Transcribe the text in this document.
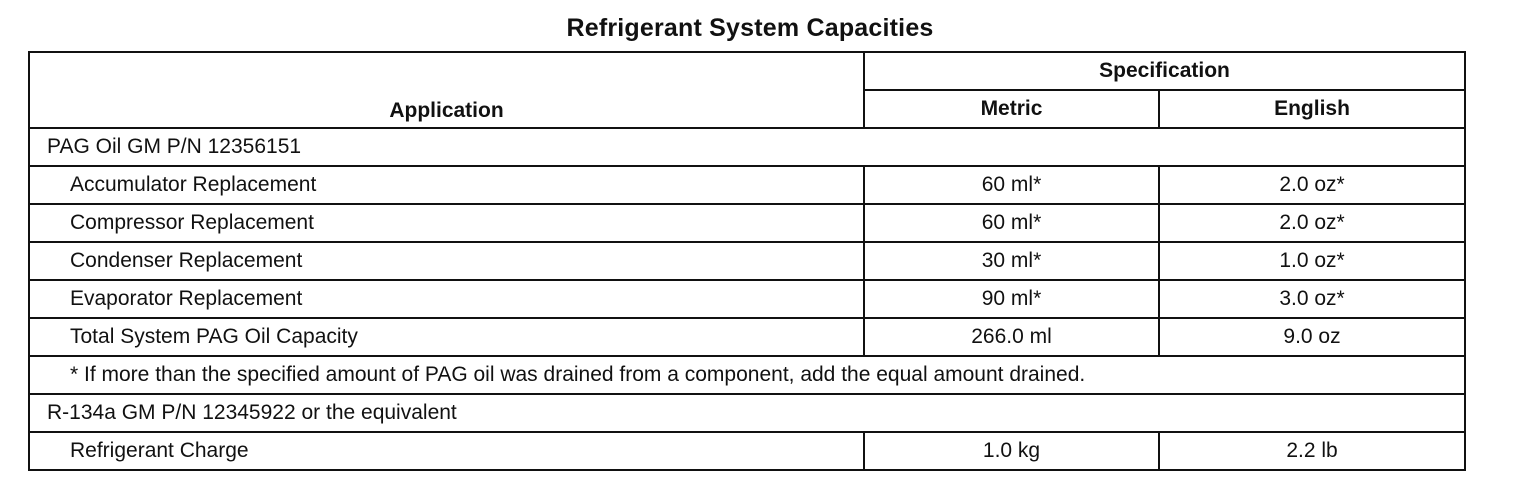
Refrigerant System Capacities
Application	Specification	
	Metric	English
PAG Oil GM P/N 12356151		
Accumulator Replacement	60 ml*	2.0 oz*
Compressor Replacement	60 ml*	2.0 oz*
Condenser Replacement	30 ml*	1.0 oz*
Evaporator Replacement	90 ml*	3.0 oz*
Total System PAG Oil Capacity	266.0 ml	9.0 oz
* If more than the specified amount of PAG oil was drained from a component, add the equal amount drained.		
R-134a GM P/N 12345922 or the equivalent		
Refrigerant Charge	1.0 kg	2.2 lb
